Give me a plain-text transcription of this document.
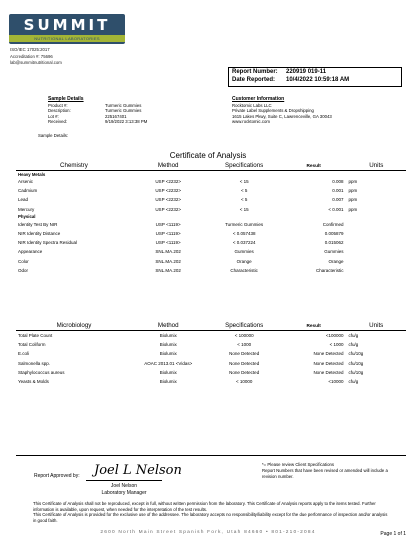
SUMMIT
NUTRITIONAL LABORATORIES
ISO/IEC 17025:2017
Accreditation #: 75696
lab@summitnutritional.com
Report Number: 220919 019-11
Date Reported: 10/4/2022 10:59:18 AM
Sample Details
Product #:	Turmeric Gummies
Description:	Turmeric Gummies
Lot #:	225167401
Received:	9/19/2022 3:13:38 PM
Sample Details:
Customer Information
Rocktomic Labs LLC
Private Label Supplements & Dropshipping
1615 Lakes Pkwy, Suite C, Lawrenceville, GA 30043
www.rocktomic.com
Certificate of Analysis
Chemistry	Method	Specifications	Result	Units
Heavy Metals				
Arsenic	USP <2232>	< 15	0.008	ppm
Cadmium	USP <2232>	< 5	0.001	ppm
Lead	USP <2232>	< 5	0.007	ppm
Mercury	USP <2232>	< 15	< 0.001	ppm
Physical				
Identity Test By NIR	USP <1119>	Turmeric Gummies	Confirmed	
NIR Identity Distance	USP <1119>	< 0.057438	0.005879	
NIR Identity Spectra Residual	USP <1119>	< 0.037224	0.015062	
Appearance	SNL.MA.202	Gummies	Gummies	
Color	SNL.MA.202	Orange	Orange	
Odor	SNL.MA.202	Characteristic	Characteristic	
Microbiology	Method	Specifications	Result	Units
Total Plate Count	Biolumix	< 100000	<100000	cfu/g
Total Coliform	Biolumix	< 1000	< 1000	cfu/g
E.coli	Biolumix	None Detected	None Detected	cfu/10g
Salmonella spp.	AOAC 2013.01 <Vidas>	None Detected	None Detected	cfu/10g
Staphylococcus aureus	Biolumix	None Detected	None Detected	cfu/10g
Yeasts & Molds	Biolumix	< 10000	<10000	cfu/g
Report Approved by: Joel L Nelson
Joel Nelson
Laboratory Manager
*= Please review Client Specifications
Report Numbers that have been revised or amended will include a revision number.
This Certificate of Analysis shall not be reproduced, except in full, without written permission from the laboratory. This Certificate of Analysis reports apply to the items tested. Further information is available, upon request, when needed for the interpretation of the test results.
This Certificate of Analysis is provided for the exclusive use of the addressee. The laboratory accepts no responsibility/liability except for the due performance of inspection and/or analysis in good faith.
2600 North Main Street Spanish Fork, Utah 84660 • 801-210-2084	Page 1 of 1
